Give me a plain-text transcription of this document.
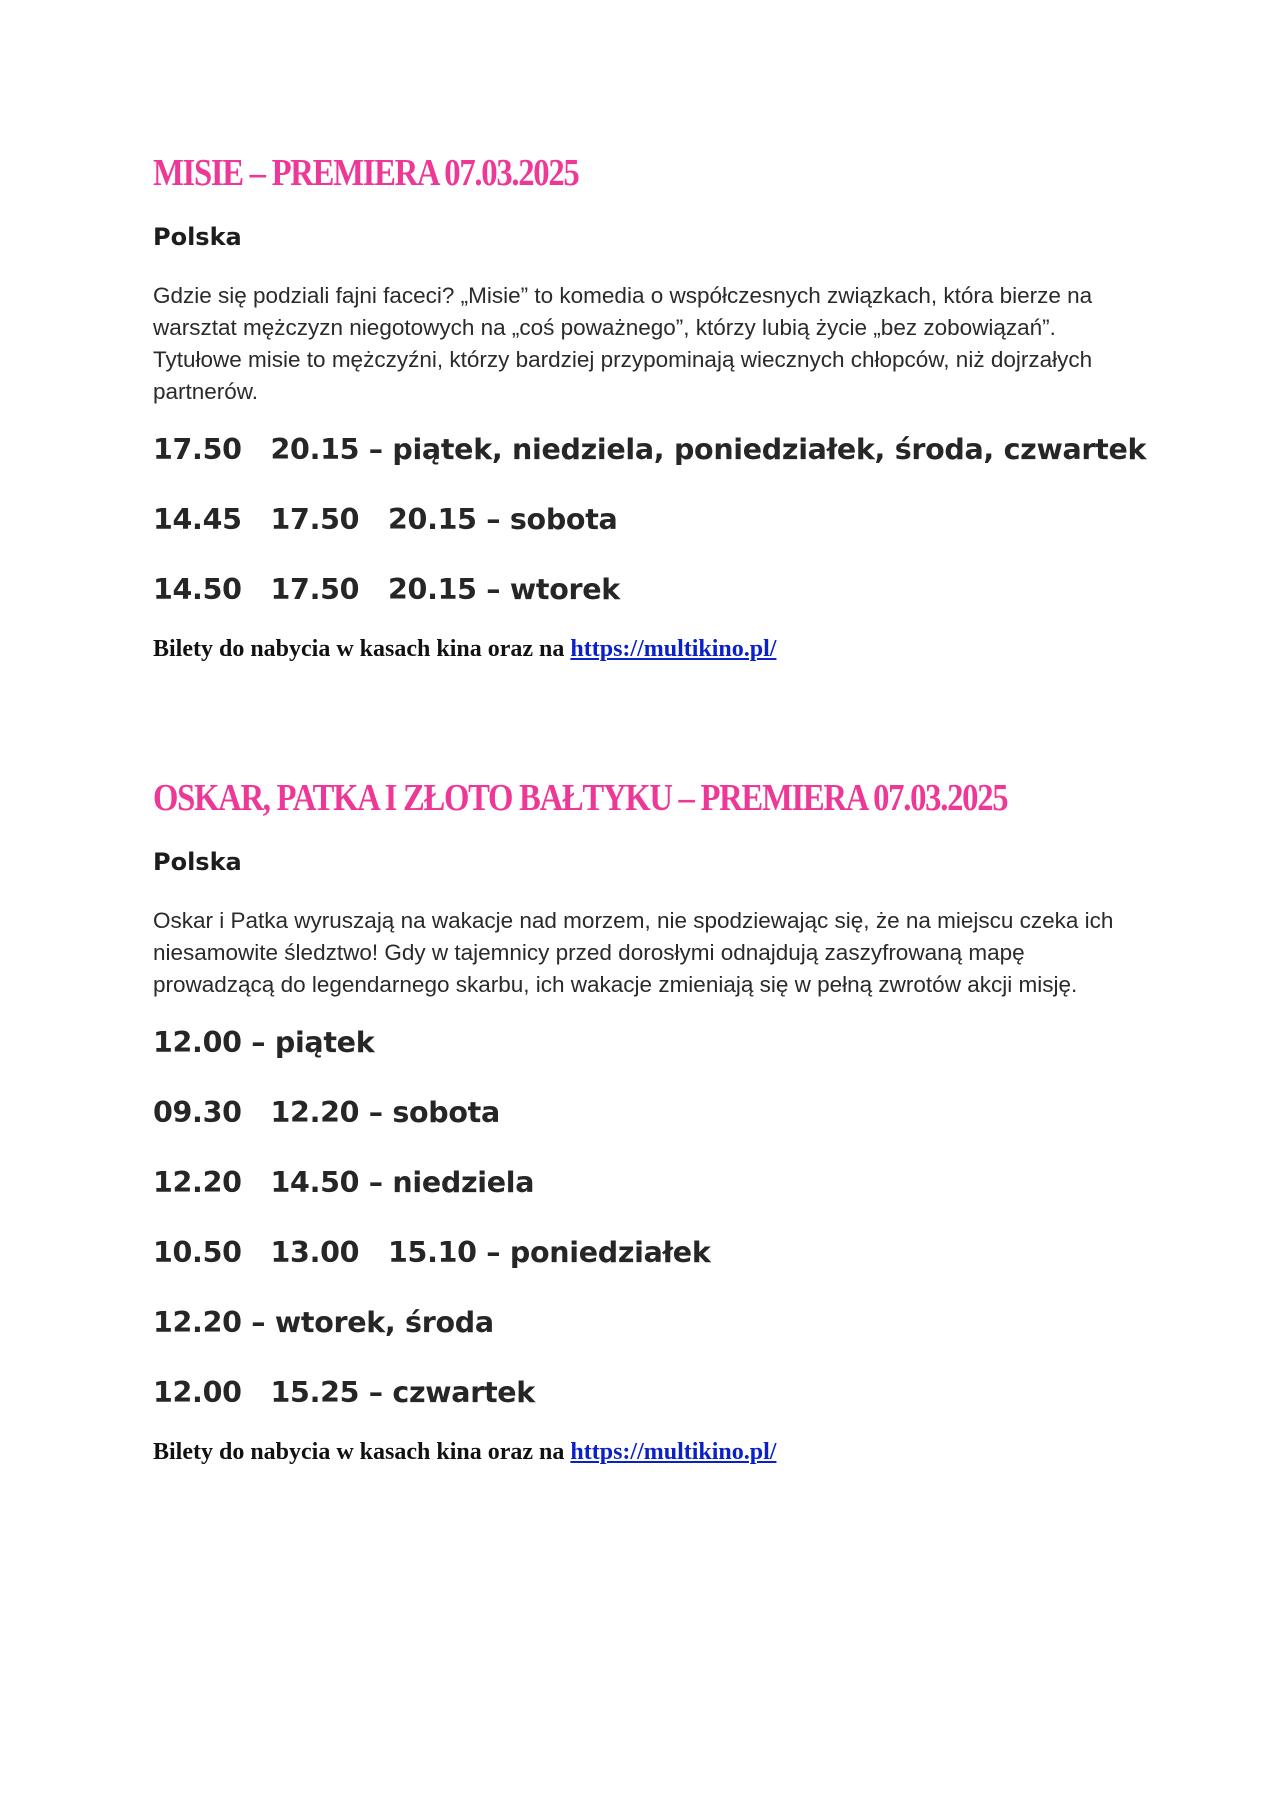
MISIE – PREMIERA 07.03.2025
Polska

Gdzie się podziali fajni faceci? „Misie” to komedia o współczesnych związkach, która bierze na warsztat mężczyzn niegotowych na „coś poważnego”, którzy lubią życie „bez zobowiązań”. Tytułowe misie to mężczyźni, którzy bardziej przypominają wiecznych chłopców, niż dojrzałych partnerów.

17.50   20.15 – piątek, niedziela, poniedziałek, środa, czwartek
14.45   17.50   20.15 – sobota
14.50   17.50   20.15 – wtorek
Bilety do nabycia w kasach kina oraz na https://multikino.pl/
OSKAR, PATKA I ZŁOTO BAŁTYKU – PREMIERA 07.03.2025
Polska

Oskar i Patka wyruszają na wakacje nad morzem, nie spodziewając się, że na miejscu czeka ich niesamowite śledztwo! Gdy w tajemnicy przed dorosłymi odnajdują zaszyfrowaną mapę prowadzącą do legendarnego skarbu, ich wakacje zmieniają się w pełną zwrotów akcji misję.

12.00 – piątek
09.30   12.20 – sobota
12.20   14.50 – niedziela
10.50   13.00   15.10 – poniedziałek
12.20 – wtorek, środa
12.00   15.25 – czwartek
Bilety do nabycia w kasach kina oraz na https://multikino.pl/
